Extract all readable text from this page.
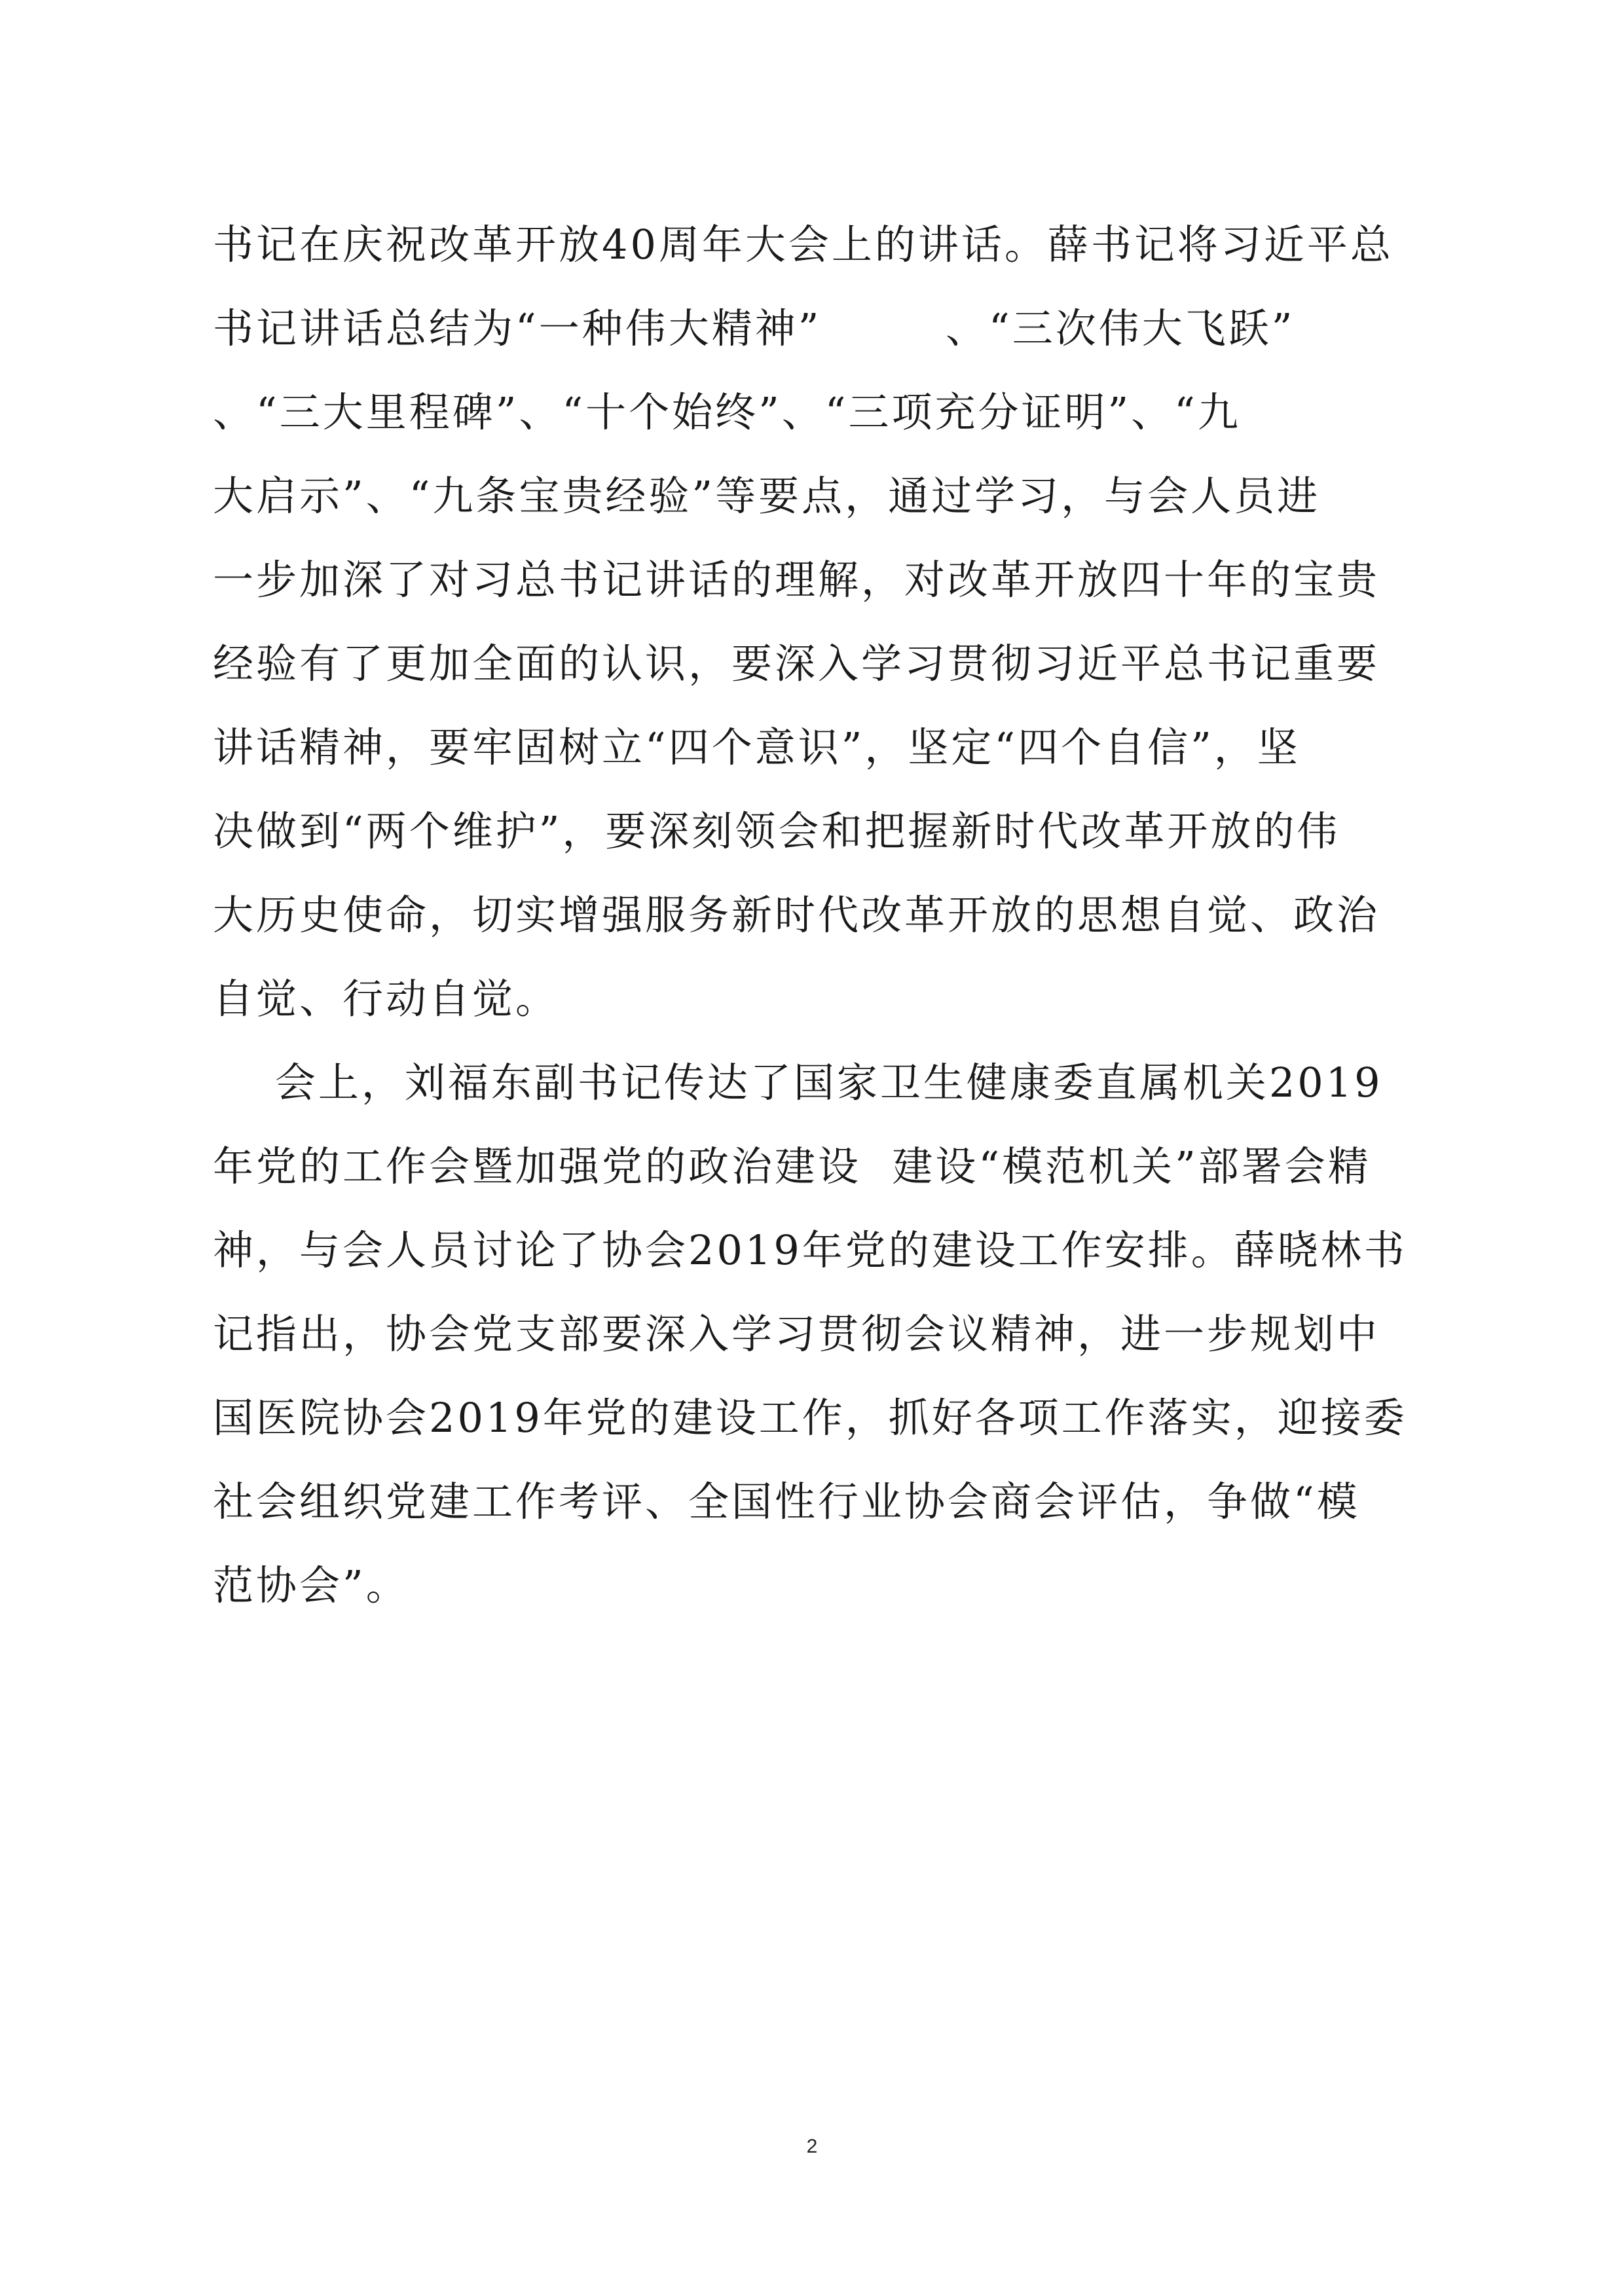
书记在庆祝改革开放40周年大会上的讲话。薛书记将习近平总
书记讲话总结为“一种伟大精神”        、“三次伟大飞跃”
、“三大里程碑”、“十个始终”、“三项充分证明”、“九
大启示”、“九条宝贵经验”等要点，通过学习，与会人员进
一步加深了对习总书记讲话的理解，对改革开放四十年的宝贵
经验有了更加全面的认识，要深入学习贯彻习近平总书记重要
讲话精神，要牢固树立“四个意识”，坚定“四个自信”，坚
决做到“两个维护”，要深刻领会和把握新时代改革开放的伟
大历史使命，切实增强服务新时代改革开放的思想自觉、政治
自觉、行动自觉。
会上，刘福东副书记传达了国家卫生健康委直属机关2019
年党的工作会暨加强党的政治建设  建设“模范机关”部署会精
神，与会人员讨论了协会2019年党的建设工作安排。薛晓林书
记指出，协会党支部要深入学习贯彻会议精神，进一步规划中
国医院协会2019年党的建设工作，抓好各项工作落实，迎接委
社会组织党建工作考评、全国性行业协会商会评估，争做“模
范协会”。
2
